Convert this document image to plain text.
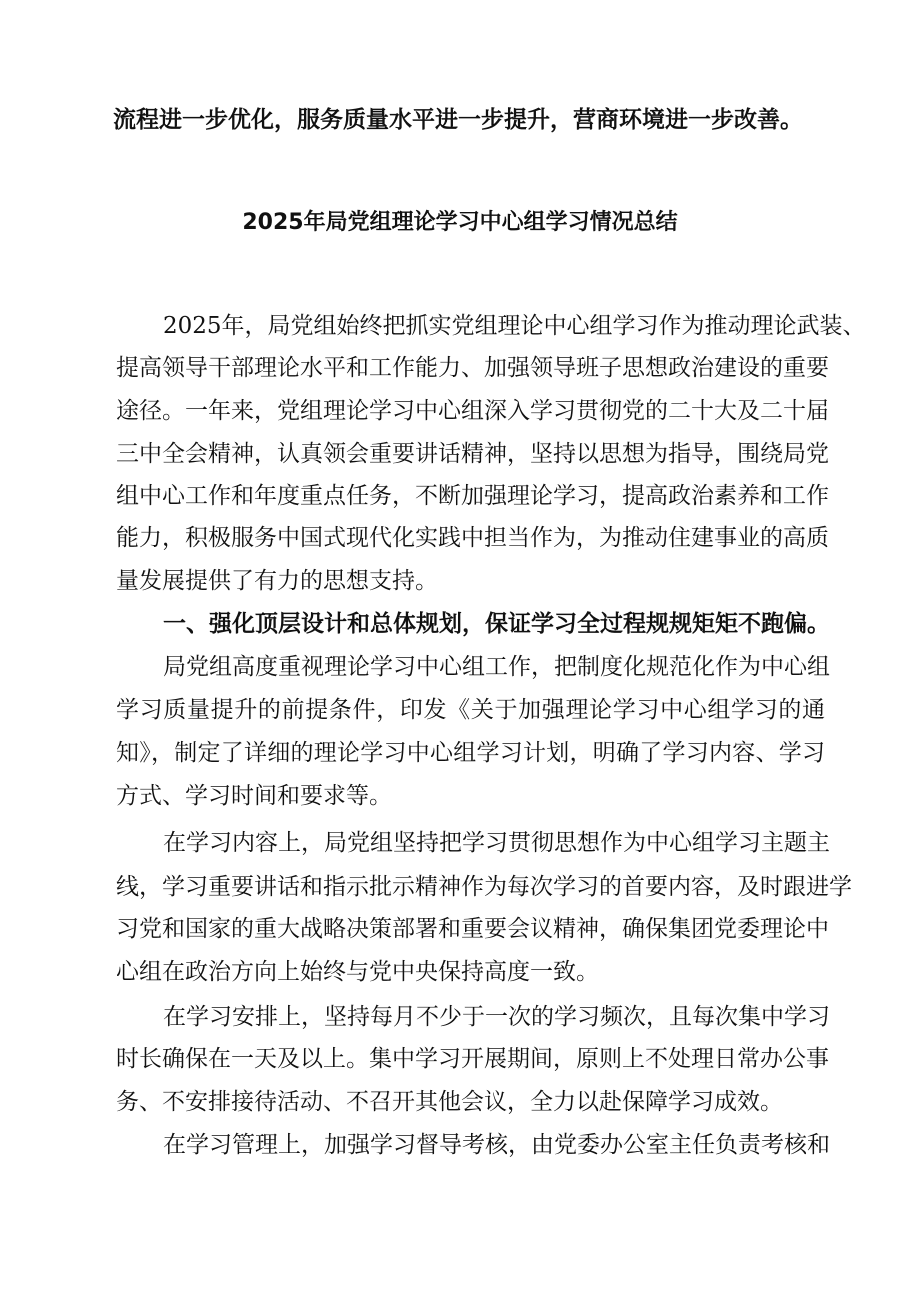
流程进一步优化，服务质量水平进一步提升，营商环境进一步改善。

2025年局党组理论学习中心组学习情况总结

2025年，局党组始终把抓实党组理论中心组学习作为推动理论武装、

提高领导干部理论水平和工作能力、加强领导班子思想政治建设的重要

途径。一年来，党组理论学习中心组深入学习贯彻党的二十大及二十届

三中全会精神，认真领会重要讲话精神，坚持以思想为指导，围绕局党

组中心工作和年度重点任务，不断加强理论学习，提高政治素养和工作

能力，积极服务中国式现代化实践中担当作为，为推动住建事业的高质

量发展提供了有力的思想支持。

一、强化顶层设计和总体规划，保证学习全过程规规矩矩不跑偏。

局党组高度重视理论学习中心组工作，把制度化规范化作为中心组

学习质量提升的前提条件，印发《关于加强理论学习中心组学习的通

知》，制定了详细的理论学习中心组学习计划，明确了学习内容、学习

方式、学习时间和要求等。

在学习内容上，局党组坚持把学习贯彻思想作为中心组学习主题主

线，学习重要讲话和指示批示精神作为每次学习的首要内容，及时跟进学

习党和国家的重大战略决策部署和重要会议精神，确保集团党委理论中

心组在政治方向上始终与党中央保持高度一致。

在学习安排上，坚持每月不少于一次的学习频次，且每次集中学习

时长确保在一天及以上。集中学习开展期间，原则上不处理日常办公事

务、不安排接待活动、不召开其他会议，全力以赴保障学习成效。

在学习管理上，加强学习督导考核，由党委办公室主任负责考核和
